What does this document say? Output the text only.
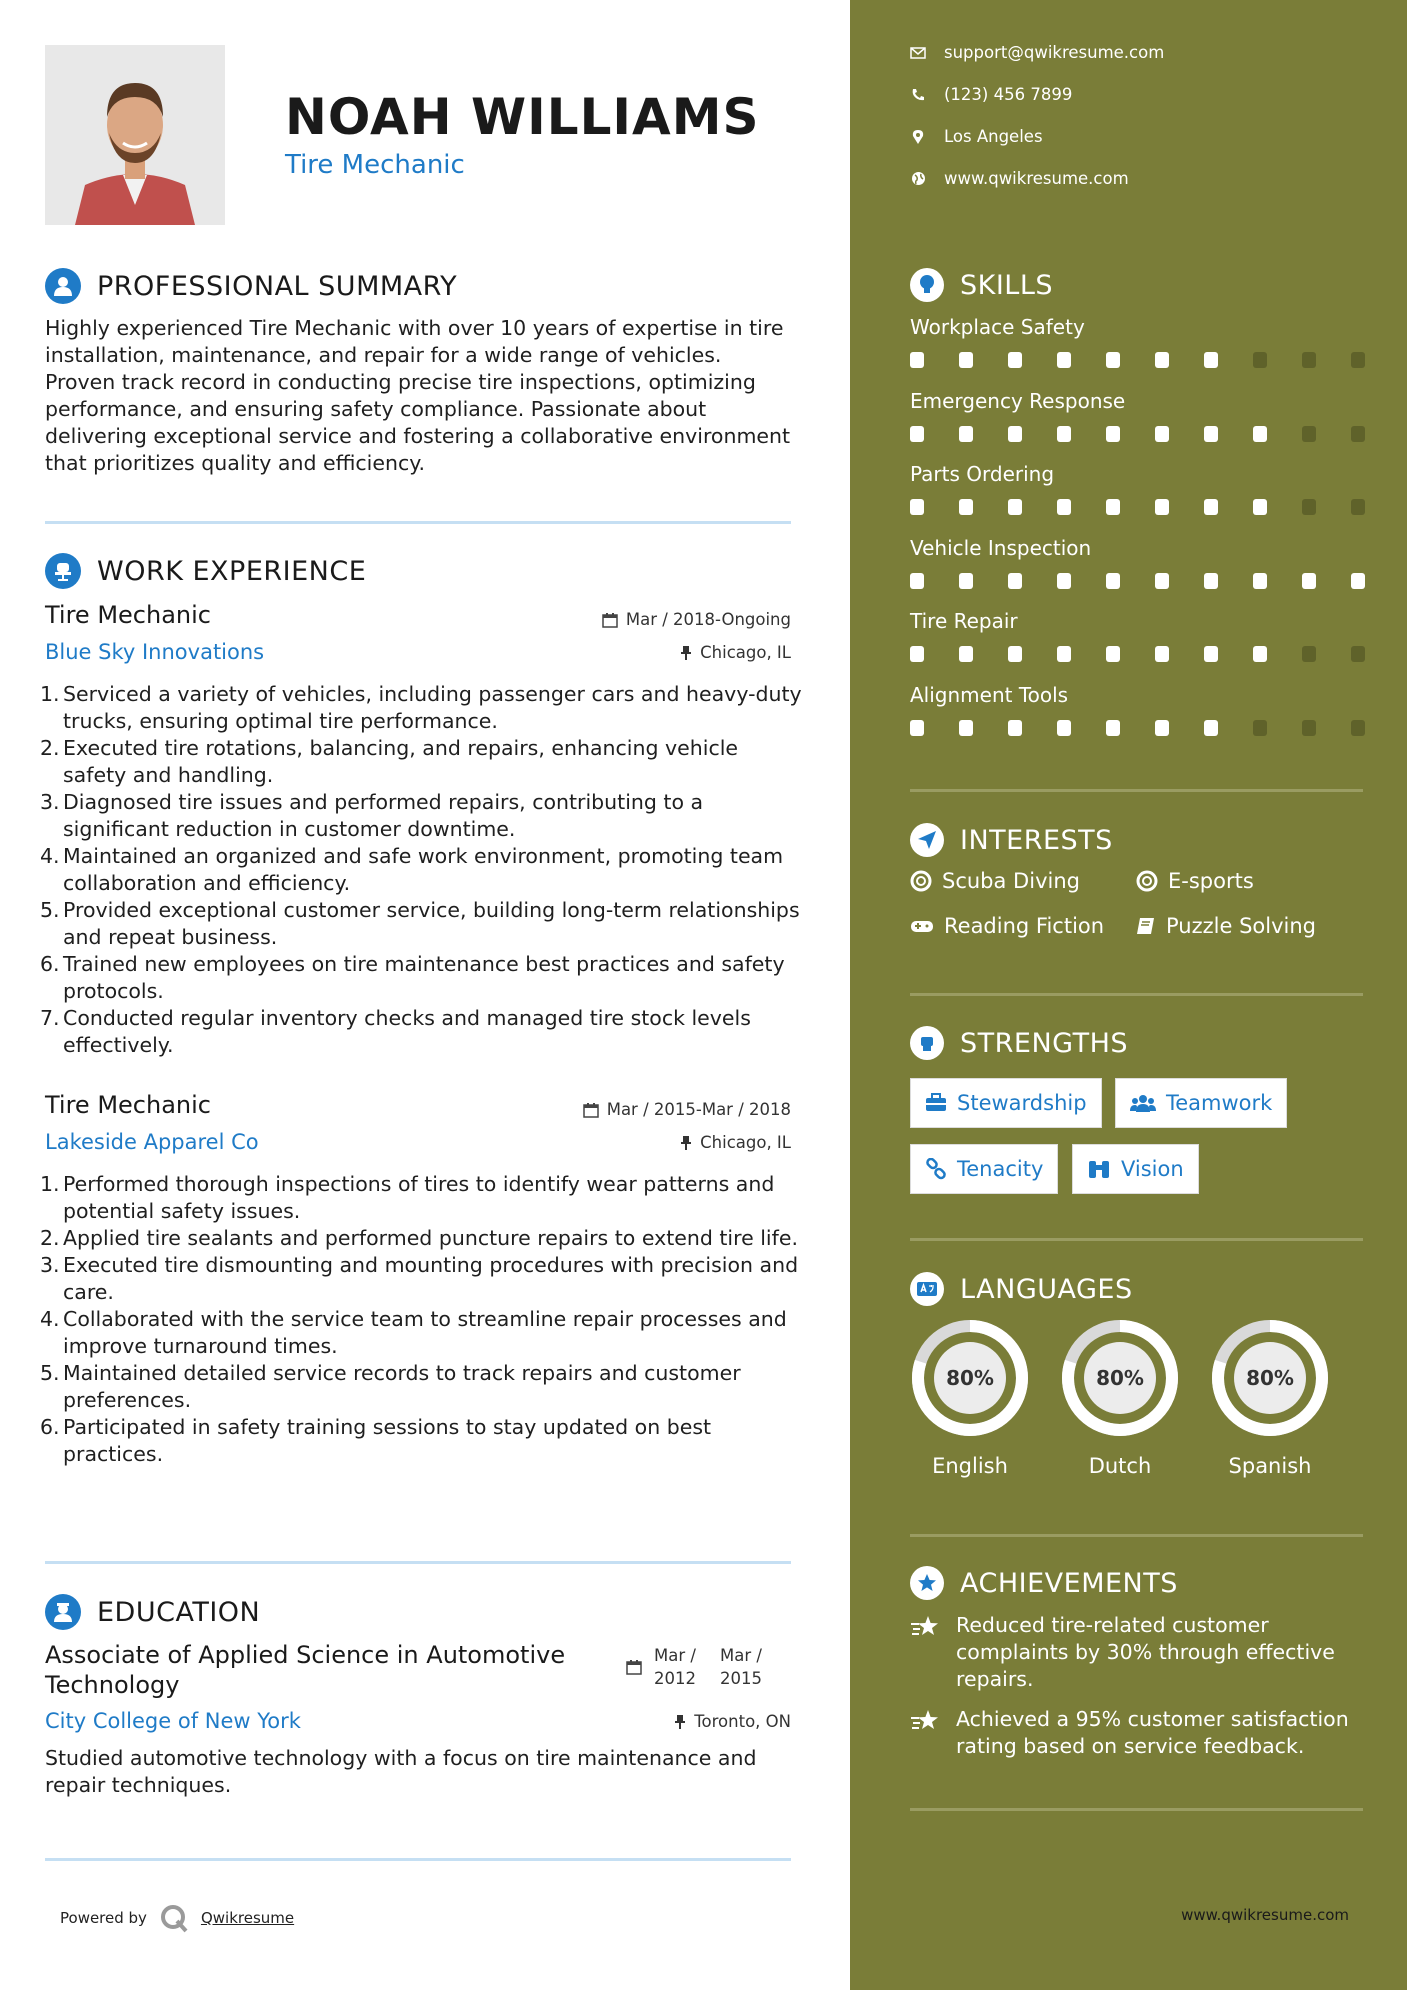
NOAH WILLIAMS
Tire Mechanic
PROFESSIONAL SUMMARY
Highly experienced Tire Mechanic with over 10 years of expertise in tire installation, maintenance, and repair for a wide range of vehicles. Proven track record in conducting precise tire inspections, optimizing performance, and ensuring safety compliance. Passionate about delivering exceptional service and fostering a collaborative environment that prioritizes quality and efficiency.
WORK EXPERIENCE
Tire Mechanic	Mar / 2018-Ongoing
Blue Sky Innovations	Chicago, IL
1. Serviced a variety of vehicles, including passenger cars and heavy-duty trucks, ensuring optimal tire performance.
2. Executed tire rotations, balancing, and repairs, enhancing vehicle safety and handling.
3. Diagnosed tire issues and performed repairs, contributing to a significant reduction in customer downtime.
4. Maintained an organized and safe work environment, promoting team collaboration and efficiency.
5. Provided exceptional customer service, building long-term relationships and repeat business.
6. Trained new employees on tire maintenance best practices and safety protocols.
7. Conducted regular inventory checks and managed tire stock levels effectively.
Tire Mechanic	Mar / 2015-Mar / 2018
Lakeside Apparel Co	Chicago, IL
1. Performed thorough inspections of tires to identify wear patterns and potential safety issues.
2. Applied tire sealants and performed puncture repairs to extend tire life.
3. Executed tire dismounting and mounting procedures with precision and care.
4. Collaborated with the service team to streamline repair processes and improve turnaround times.
5. Maintained detailed service records to track repairs and customer preferences.
6. Participated in safety training sessions to stay updated on best practices.
EDUCATION
Associate of Applied Science in Automotive
Technology
Mar /
2012
Mar /
2015
City College of New York	Toronto, ON
Studied automotive technology with a focus on tire maintenance and repair techniques.
Powered by	Qwikresume
support@qwikresume.com
(123) 456 7899
Los Angeles
www.qwikresume.com
SKILLS
Workplace Safety
Emergency Response
Parts Ordering
Vehicle Inspection
Tire Repair
Alignment Tools
INTERESTS
Scuba Diving	E-sports
Reading Fiction	Puzzle Solving
STRENGTHS
Stewardship	Teamwork
Tenacity	Vision
LANGUAGES
80%
English
80%
Dutch
80%
Spanish
ACHIEVEMENTS
Reduced tire-related customer complaints by 30% through effective repairs.
Achieved a 95% customer satisfaction rating based on service feedback.
www.qwikresume.com
